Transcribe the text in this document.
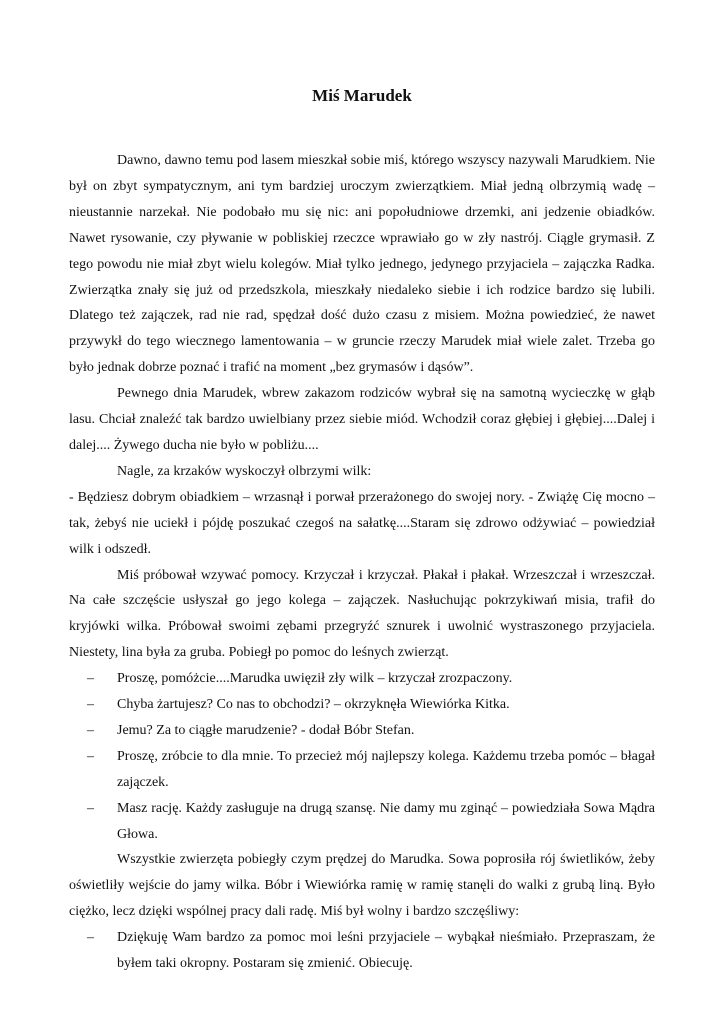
Miś Marudek

Dawno, dawno temu pod lasem mieszkał sobie miś, którego wszyscy nazywali Marudkiem. Nie był on zbyt sympatycznym, ani tym bardziej uroczym zwierzątkiem. Miał jedną olbrzymią wadę – nieustannie narzekał. Nie podobało mu się nic: ani popołudniowe drzemki, ani jedzenie obiadków. Nawet rysowanie, czy pływanie w pobliskiej rzeczce wprawiało go w zły nastrój. Ciągle grymasił. Z tego powodu nie miał zbyt wielu kolegów. Miał tylko jednego, jedynego przyjaciela – zajączka Radka. Zwierzątka znały się już od przedszkola, mieszkały niedaleko siebie i ich rodzice bardzo się lubili. Dlatego też zajączek, rad nie rad, spędzał dość dużo czasu z misiem. Można powiedzieć, że nawet przywykł do tego wiecznego lamentowania – w gruncie rzeczy Marudek miał wiele zalet. Trzeba go było jednak dobrze poznać i trafić na moment „bez grymasów i dąsów”.

Pewnego dnia Marudek, wbrew zakazom rodziców wybrał się na samotną wycieczkę w głąb lasu. Chciał znaleźć tak bardzo uwielbiany przez siebie miód. Wchodził coraz głębiej i głębiej....Dalej i dalej.... Żywego ducha nie było w pobliżu....

Nagle, za krzaków wyskoczył olbrzymi wilk:

- Będziesz dobrym obiadkiem – wrzasnął i porwał przerażonego do swojej nory. - Zwiążę Cię mocno – tak, żebyś nie uciekł i pójdę poszukać czegoś na sałatkę....Staram się zdrowo odżywiać – powiedział wilk i odszedł.

Miś próbował wzywać pomocy. Krzyczał i krzyczał. Płakał i płakał. Wrzeszczał i wrzeszczał. Na całe szczęście usłyszał go jego kolega – zajączek. Nasłuchując pokrzykiwań misia, trafił do kryjówki wilka. Próbował swoimi zębami przegryźć sznurek i uwolnić wystraszonego przyjaciela. Niestety, lina była za gruba. Pobiegł po pomoc do leśnych zwierząt.

– Proszę, pomóżcie....Marudka uwięził zły wilk – krzyczał zrozpaczony.

– Chyba żartujesz? Co nas to obchodzi? – okrzyknęła Wiewiórka Kitka.

– Jemu? Za to ciągłe marudzenie? - dodał Bóbr Stefan.

– Proszę, zróbcie to dla mnie. To przecież mój najlepszy kolega. Każdemu trzeba pomóc – błagał zajączek.

– Masz rację. Każdy zasługuje na drugą szansę. Nie damy mu zginąć – powiedziała Sowa Mądra Głowa.

Wszystkie zwierzęta pobiegły czym prędzej do Marudka. Sowa poprosiła rój świetlików, żeby oświetliły wejście do jamy wilka. Bóbr i Wiewiórka ramię w ramię stanęli do walki z grubą liną. Było ciężko, lecz dzięki wspólnej pracy dali radę. Miś był wolny i bardzo szczęśliwy:

– Dziękuję Wam bardzo za pomoc moi leśni przyjaciele – wybąkał nieśmiało. Przepraszam, że byłem taki okropny. Postaram się zmienić. Obiecuję.
